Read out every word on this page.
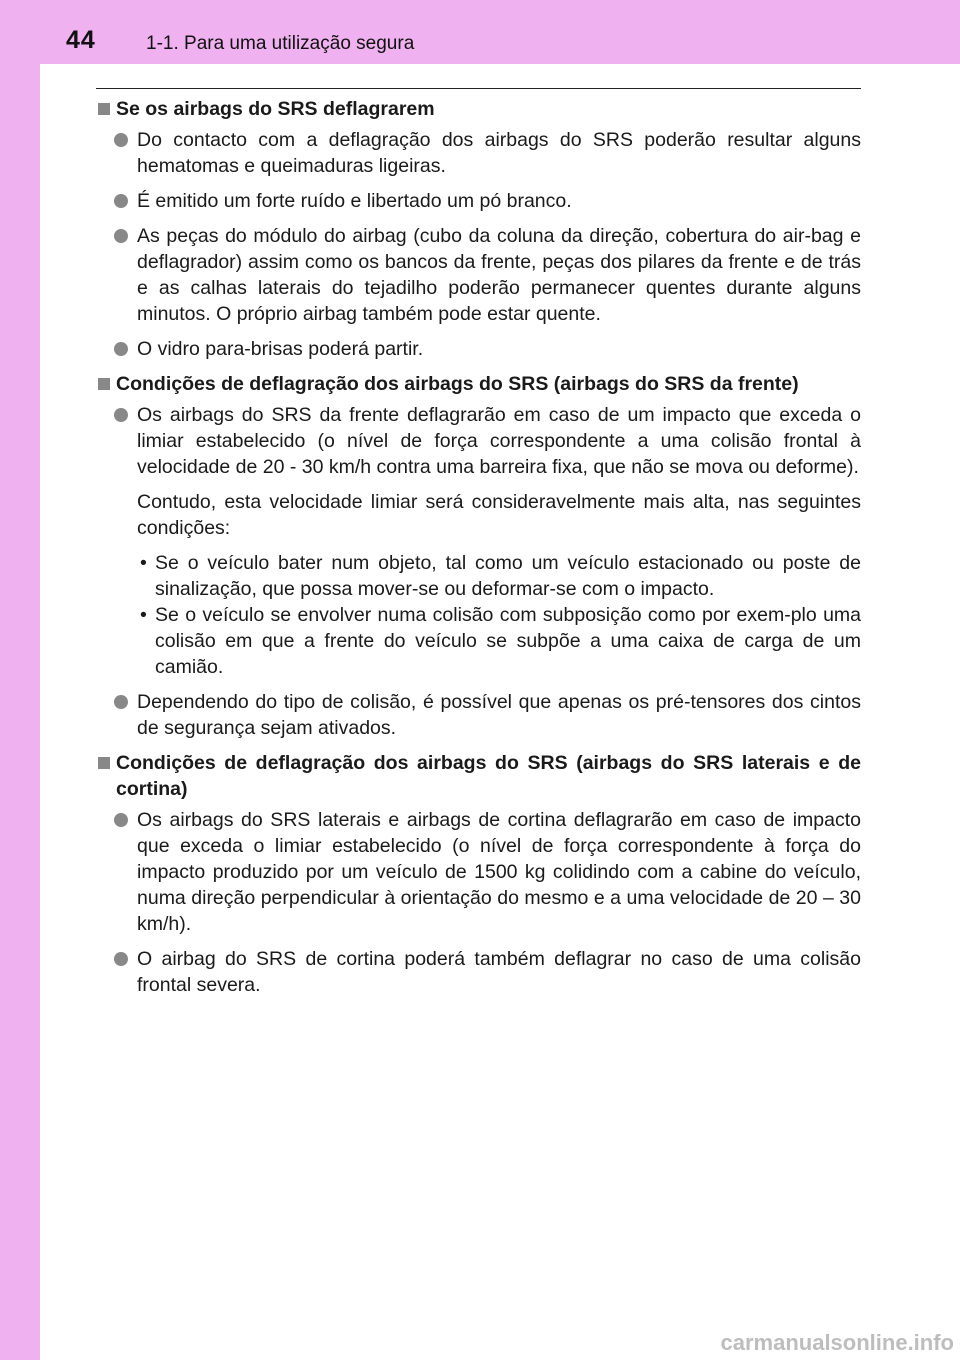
44	1-1. Para uma utilização segura
Se os airbags do SRS deflagrarem
Do contacto com a deflagração dos airbags do SRS poderão resultar alguns hematomas e queimaduras ligeiras.
É emitido um forte ruído e libertado um pó branco.
As peças do módulo do airbag (cubo da coluna da direção, cobertura do air-bag e deflagrador) assim como os bancos da frente, peças dos pilares da frente e de trás e as calhas laterais do tejadilho poderão permanecer quentes durante alguns minutos. O próprio airbag também pode estar quente.
O vidro para-brisas poderá partir.
Condições de deflagração dos airbags do SRS (airbags do SRS da frente)
Os airbags do SRS da frente deflagrarão em caso de um impacto que exceda o limiar estabelecido (o nível de força correspondente a uma colisão frontal à velocidade de 20 - 30 km/h contra uma barreira fixa, que não se mova ou deforme).
Contudo, esta velocidade limiar será consideravelmente mais alta, nas seguintes condições:
• Se o veículo bater num objeto, tal como um veículo estacionado ou poste de sinalização, que possa mover-se ou deformar-se com o impacto.
• Se o veículo se envolver numa colisão com subposição como por exem-plo uma colisão em que a frente do veículo se subpõe a uma caixa de carga de um camião.
Dependendo do tipo de colisão, é possível que apenas os pré-tensores dos cintos de segurança sejam ativados.
Condições de deflagração dos airbags do SRS (airbags do SRS laterais e de cortina)
Os airbags do SRS laterais e airbags de cortina deflagrarão em caso de impacto que exceda o limiar estabelecido (o nível de força correspondente à força do impacto produzido por um veículo de 1500 kg colidindo com a cabine do veículo, numa direção perpendicular à orientação do mesmo e a uma velocidade de 20 – 30 km/h).
O airbag do SRS de cortina poderá também deflagrar no caso de uma colisão frontal severa.
carmanualsonline.info
